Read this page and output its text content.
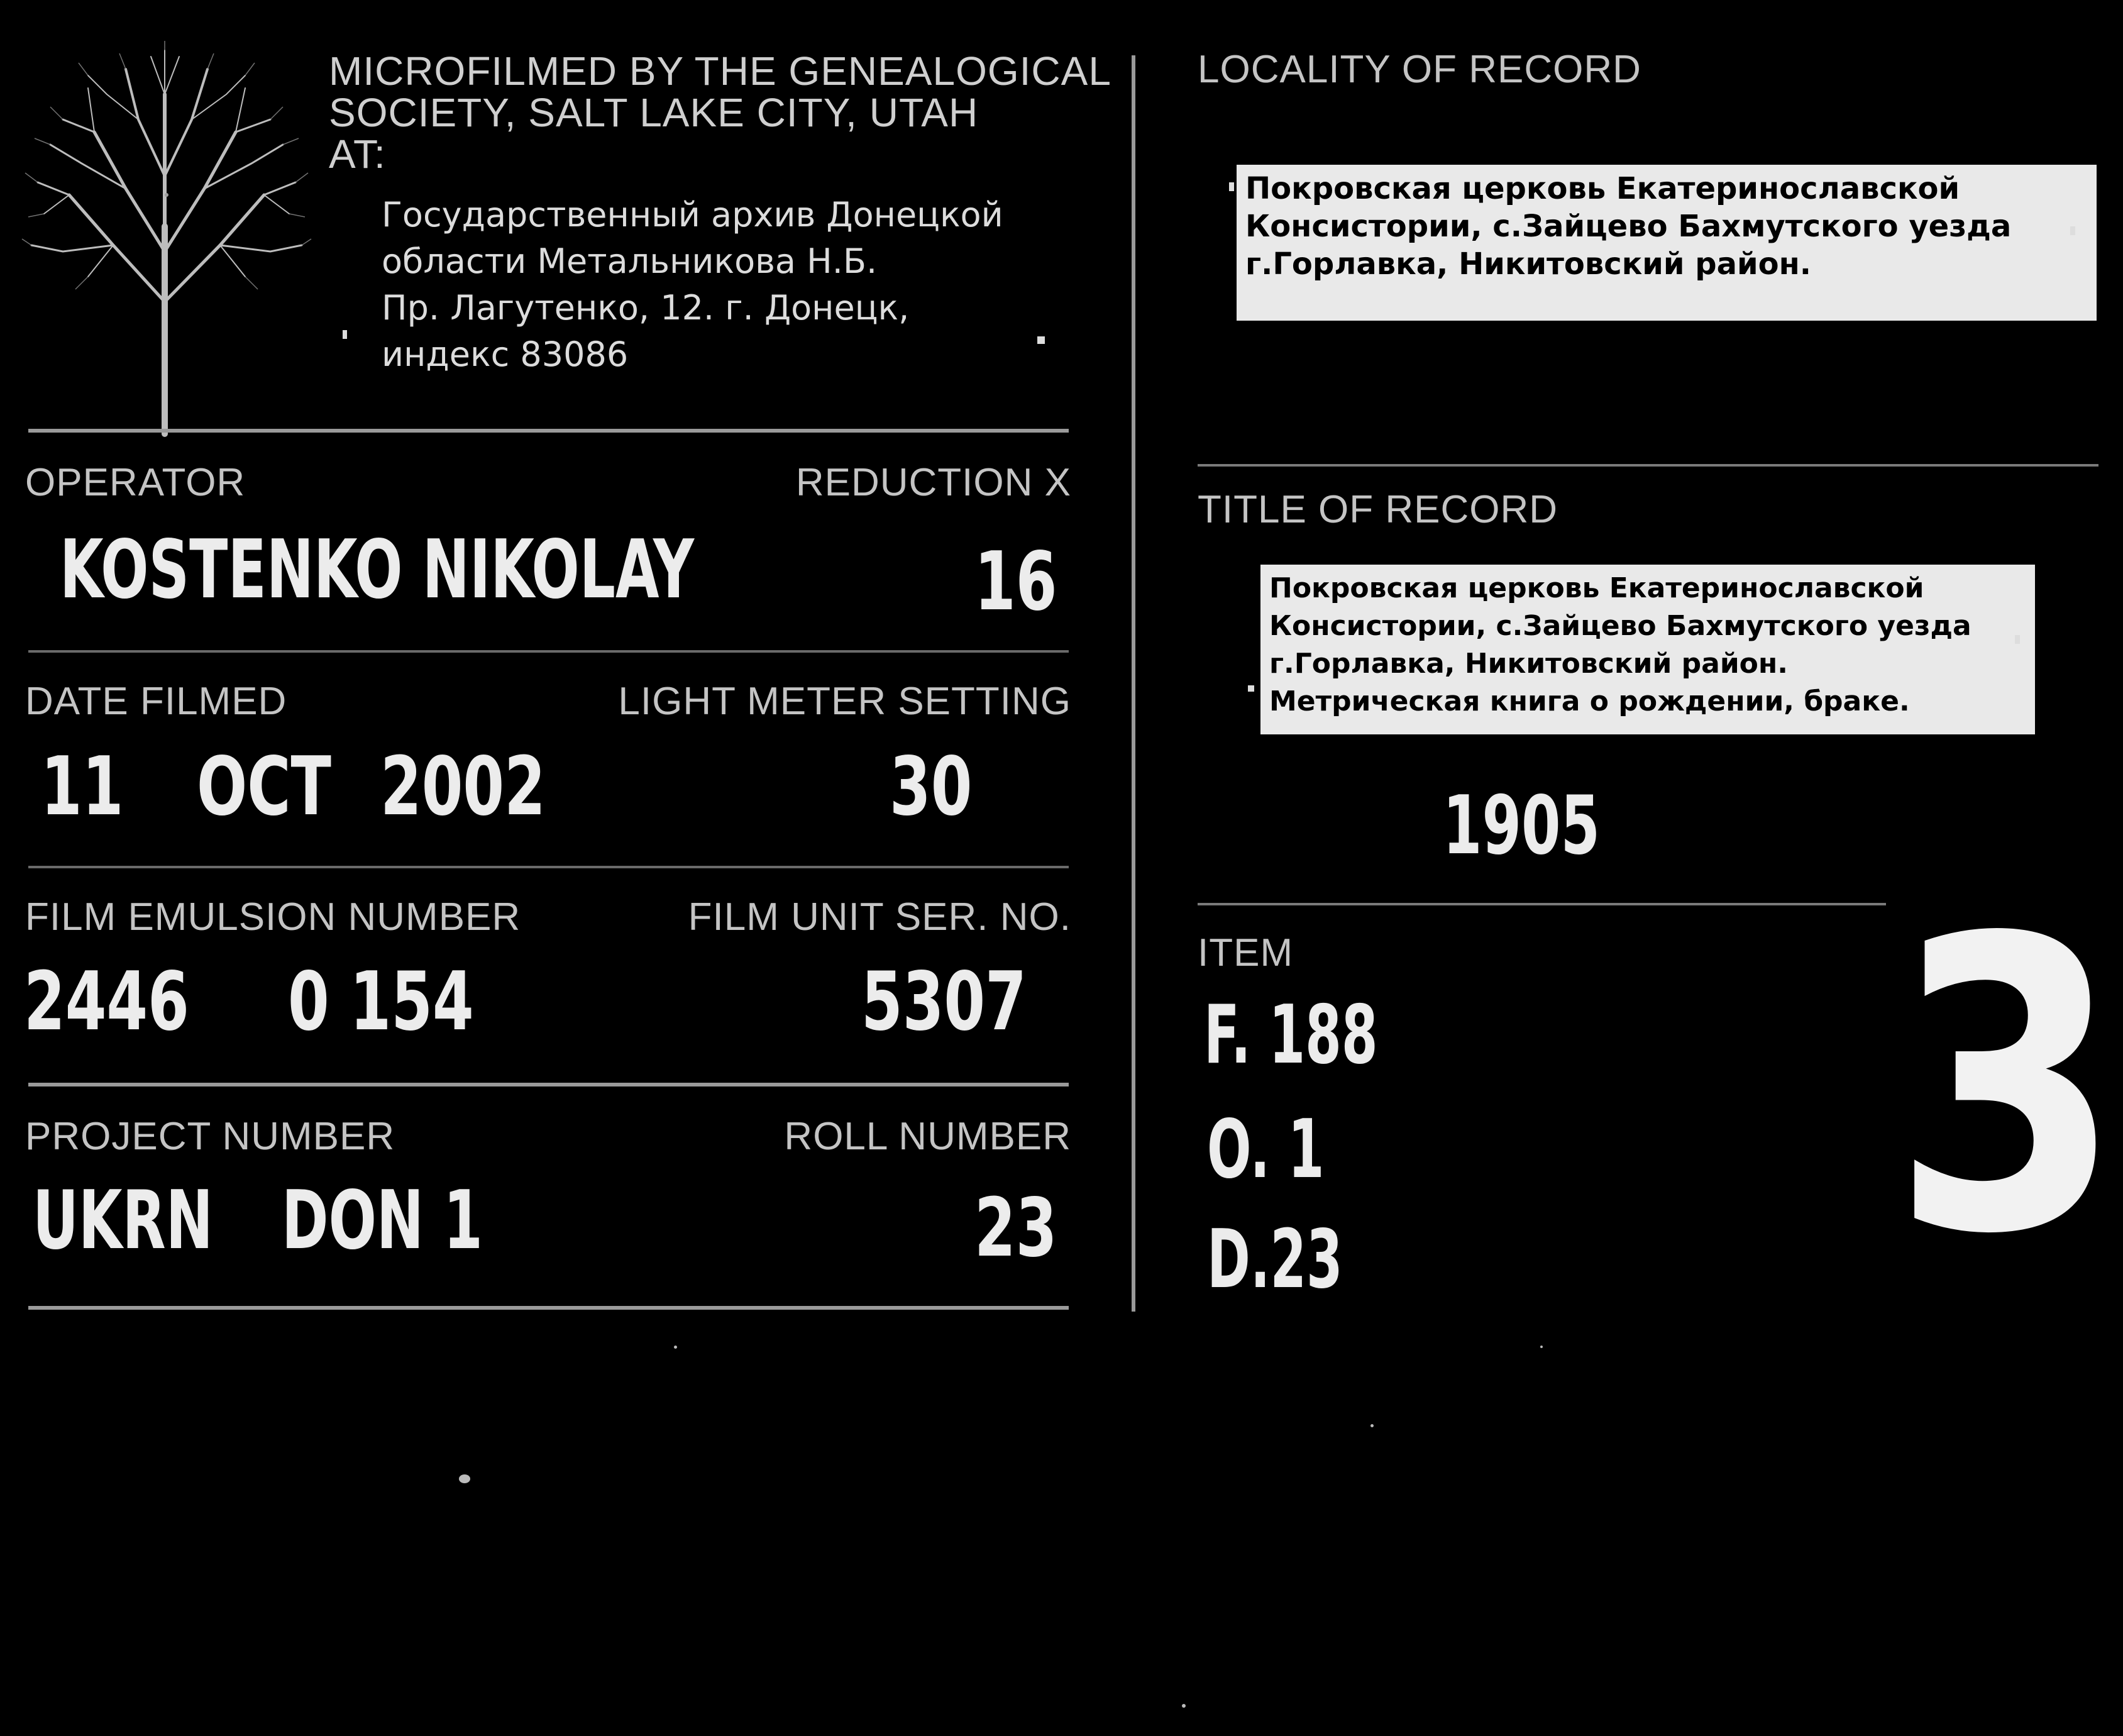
MICROFILMED BY THE GENEALOGICAL
SOCIETY, SALT LAKE CITY, UTAH
AT:
Государственный архив Донецкой
области Метальникова Н.Б.
Пр. Лагутенко, 12. г. Донецк,
индекс 83086
OPERATOR	REDUCTION X
KOSTENKO NIKOLAY	16
DATE FILMED	LIGHT METER SETTING
11 OCT 2002	30
FILM EMULSION NUMBER	FILM UNIT SER. NO.
2446 0 154	5307
PROJECT NUMBER	ROLL NUMBER
UKRN DON 1	23
LOCALITY OF RECORD
Покровская церковь Екатеринославской
Консистории, с.Зайцево Бахмутского уезда
г.Горлавка, Никитовский район.
TITLE OF RECORD
Покровская церковь Екатеринославской
Консистории, с.Зайцево Бахмутского уезда
г.Горлавка, Никитовский район.
Метрическая книга о рождении, браке.
1905
ITEM
F. 188
O. 1
D.23 3
